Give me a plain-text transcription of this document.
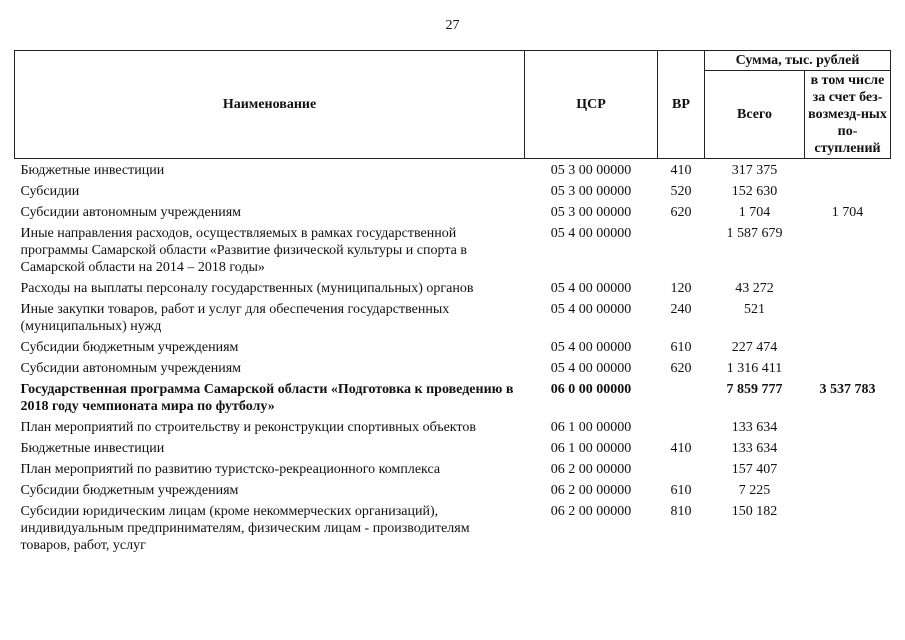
27
Наименование	ЦСР	ВР	Сумма, тыс. рублей	
			Всего	в том числе за счет без-возмезд-ных по-ступлений
Бюджетные инвестиции	05 3 00 00000	410	317 375	
Субсидии	05 3 00 00000	520	152 630	
Субсидии автономным учреждениям	05 3 00 00000	620	1 704	1 704
Иные направления расходов, осуществляемых в рамках государственной программы Самарской области «Развитие физической культуры и спорта в Самарской области на 2014 – 2018 годы»	05 4 00 00000		1 587 679	
Расходы на выплаты персоналу государственных (муниципальных) органов	05 4 00 00000	120	43 272	
Иные закупки товаров, работ и услуг для обеспечения государственных (муниципальных) нужд	05 4 00 00000	240	521	
Субсидии бюджетным учреждениям	05 4 00 00000	610	227 474	
Субсидии автономным учреждениям	05 4 00 00000	620	1 316 411	
Государственная программа Самарской области «Подготовка к проведению в 2018 году чемпионата мира по футболу»	06 0 00 00000		7 859 777	3 537 783
План мероприятий по строительству и реконструкции спортивных объектов	06 1 00 00000		133 634	
Бюджетные инвестиции	06 1 00 00000	410	133 634	
План мероприятий по развитию туристско-рекреационного комплекса	06 2 00 00000		157 407	
Субсидии бюджетным учреждениям	06 2 00 00000	610	7 225	
Субсидии юридическим лицам (кроме некоммерческих организаций), индивидуальным предпринимателям, физическим лицам - производителям товаров, работ, услуг	06 2 00 00000	810	150 182	
